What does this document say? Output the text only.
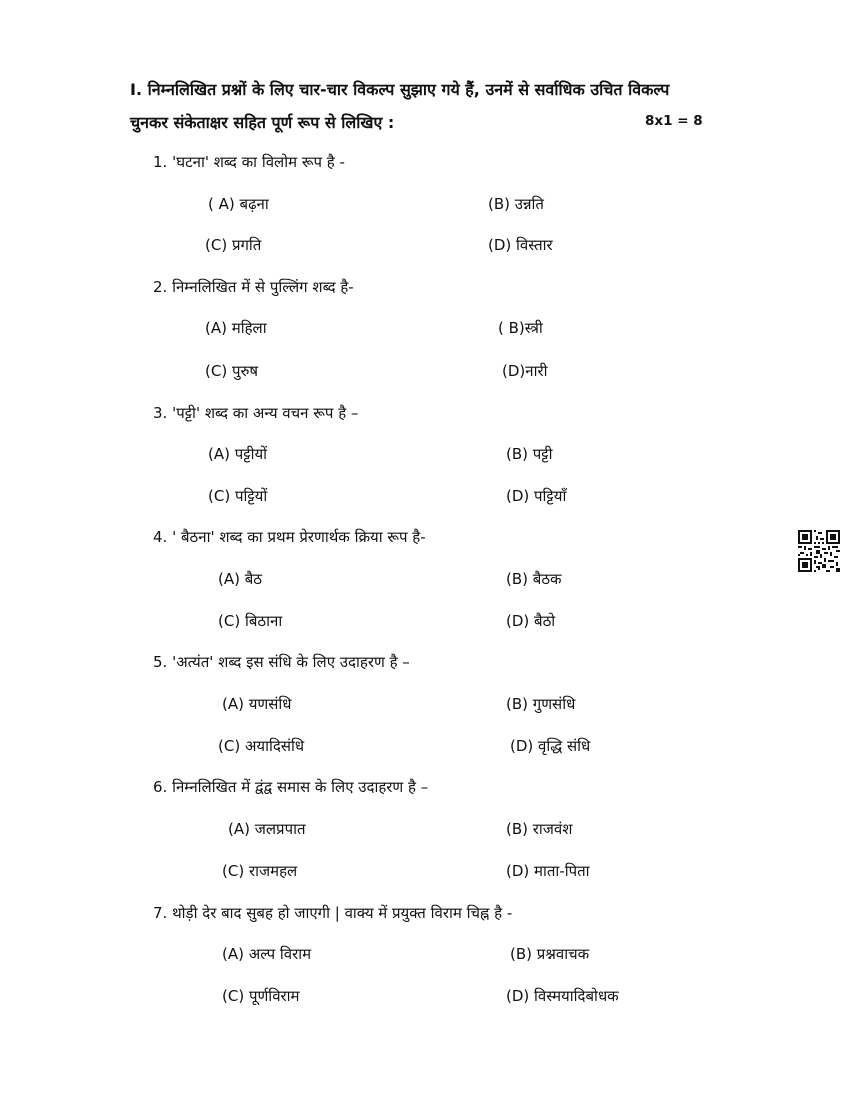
I. निम्नलिखित प्रश्नों के लिए चार-चार विकल्प सुझाए गये हैं, उनमें से सर्वाधिक उचित विकल्प
चुनकर संकेताक्षर सहित पूर्ण रूप से लिखिए :	8x1 = 8
1. 'घटना' शब्द का विलोम रूप है -
( A) बढ़ना	(B) उन्नति
(C) प्रगति	(D) विस्तार
2. निम्नलिखित में से पुल्लिंग शब्द है-
(A) महिला	( B)स्त्री
(C) पुरुष	(D)नारी
3. 'पट्टी' शब्द का अन्य वचन रूप है –
(A) पट्टीयों	(B) पट्टी
(C) पट्टियों	(D) पट्टियाँ
4. ' बैठना' शब्द का प्रथम प्रेरणार्थक क्रिया रूप है-
(A) बैठ	(B) बैठक
(C) बिठाना	(D) बैठो
5. 'अत्यंत' शब्द इस संधि के लिए उदाहरण है –
(A) यणसंधि	(B) गुणसंधि
(C) अयादिसंधि	(D) वृद्धि संधि
6. निम्नलिखित में द्वंद्व समास के लिए उदाहरण है –
(A) जलप्रपात	(B) राजवंश
(C) राजमहल	(D) माता-पिता
7. थोड़ी देर बाद सुबह हो जाएगी | वाक्य में प्रयुक्त विराम चिह्न है -
(A) अल्प विराम	(B) प्रश्नवाचक
(C) पूर्णविराम	(D) विस्मयादिबोधक
